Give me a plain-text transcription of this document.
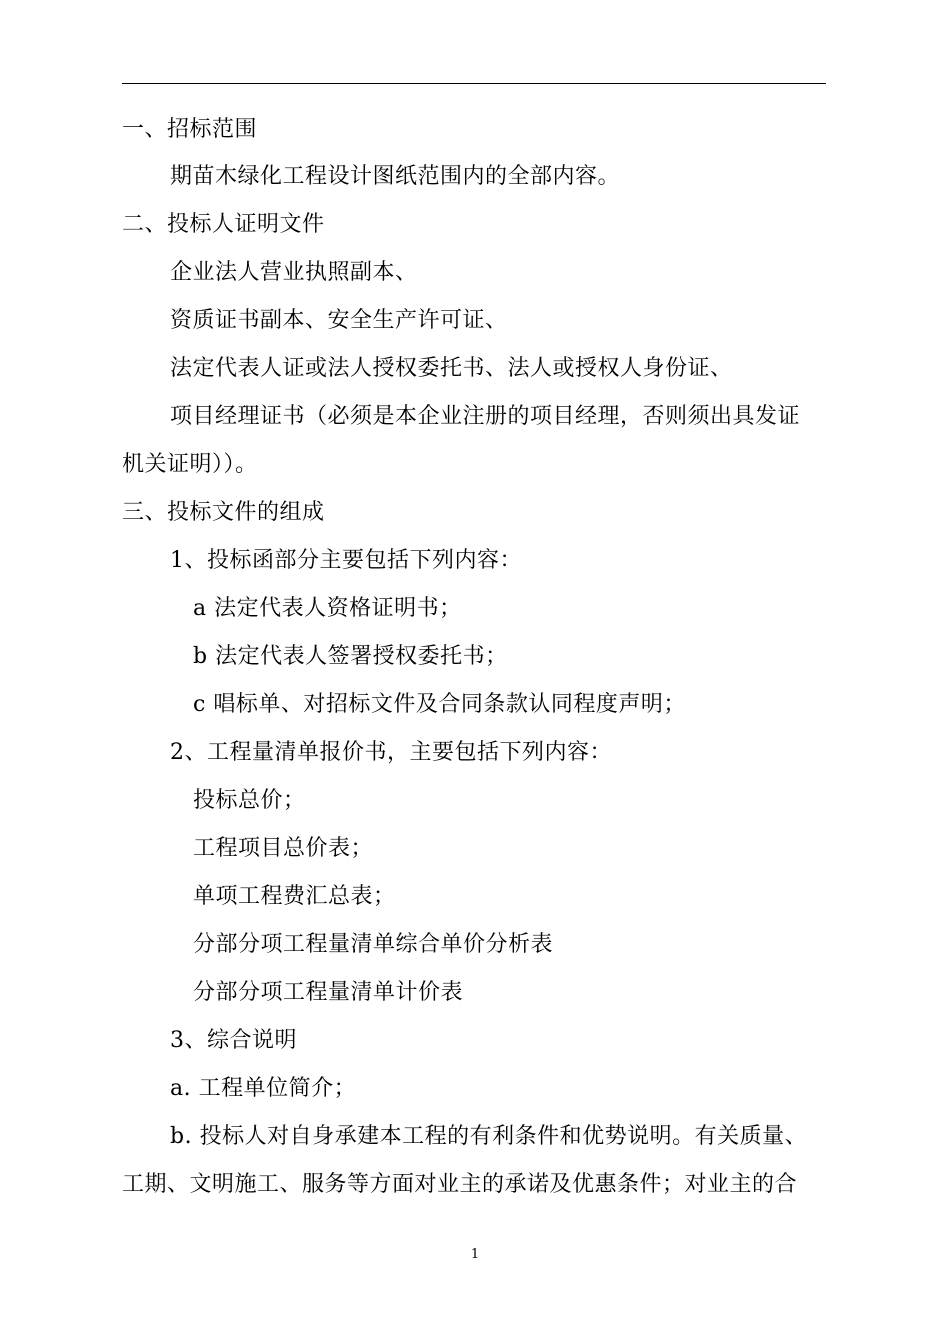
一、招标范围
期苗木绿化工程设计图纸范围内的全部内容。
二、投标人证明文件
企业法人营业执照副本、
资质证书副本、安全生产许可证、
法定代表人证或法人授权委托书、法人或授权人身份证、
项目经理证书（必须是本企业注册的项目经理，否则须出具发证
机关证明））。
三、投标文件的组成
1、投标函部分主要包括下列内容：
a 法定代表人资格证明书；
b 法定代表人签署授权委托书；
c 唱标单、对招标文件及合同条款认同程度声明；
2、工程量清单报价书，主要包括下列内容：
投标总价；
工程项目总价表；
单项工程费汇总表；
分部分项工程量清单综合单价分析表
分部分项工程量清单计价表
3、综合说明
a. 工程单位简介；
b. 投标人对自身承建本工程的有利条件和优势说明。有关质量、
工期、文明施工、服务等方面对业主的承诺及优惠条件；对业主的合
1
